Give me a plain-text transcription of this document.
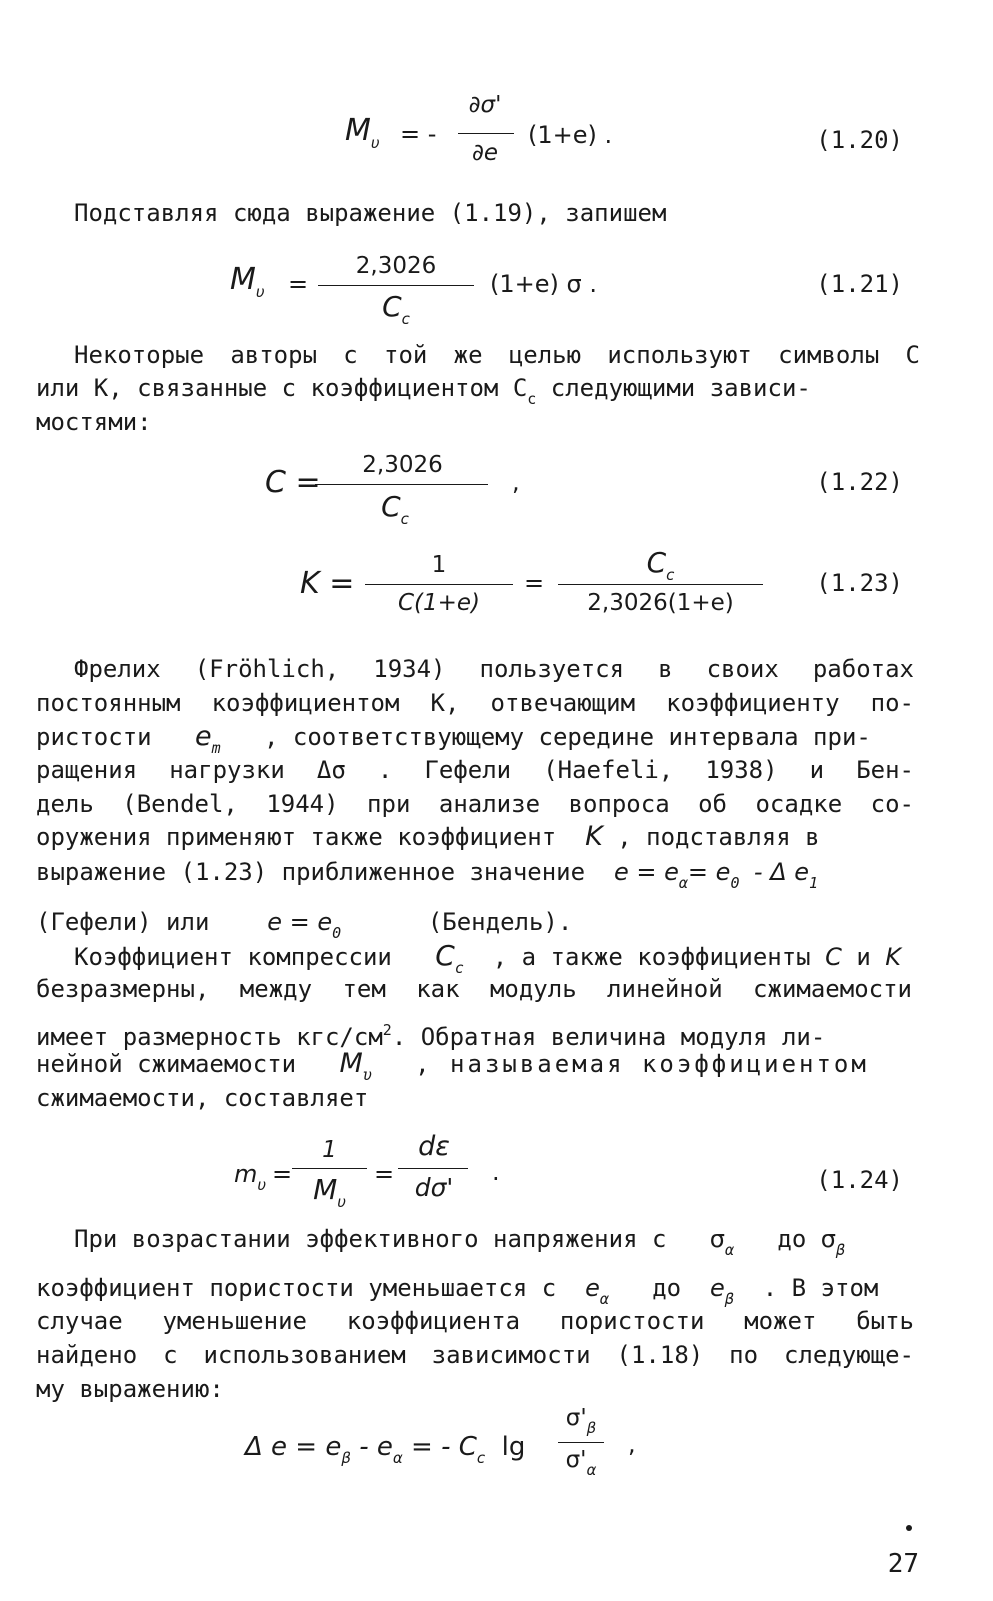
$M_\upsilon$ = -
∂σ'
∂e
(1+e) .	(1.20)
Подставляя сюда выражение (1.19), запишем
$M_\upsilon$ =
2,3026
$C_c$
(1+e) σ .	(1.21)
Некоторые авторы с той же целью используют символы C
или K, связанные с коэффициентом $C_c$ следующими зависи-
мостями:
C =	2,3026
$C_c$
,	(1.22)
K =
1
C(1+e)
=
$C_c$
2,3026(1+e)
(1.23)
Фрелих (Fröhlich, 1934) пользуется в своих работах
постоянным коэффициентом K, отвечающим коэффициенту по-
ристости $e_m$ , соответствующему середине интервала при-
ращения нагрузки Δσ . Гефели (Haefeli, 1938) и Бен-
дель (Bendel, 1944) при анализе вопроса об осадке со-
оружения применяют также коэффициент K , подставляя в
выражение (1.23) приближенное значение $e = e_\alpha= e_0 - \Delta$ $e_1$
(Гефели) или $e = e_0$	(Бендель).
Коэффициент компрессии $C_c$ , а также коэффициенты C и K
безразмерны, между тем как модуль линейной сжимаемости
имеет размерность кгс/$см^2$. Обратная величина модуля ли-
нейной сжимаемости $M_\upsilon$ , называемая коэффициентом
сжимаемости, составляет
$m_\upsilon$ =
1
$M_\upsilon$
=
dε
dσ'
.	(1.24)
При возрастании эффективного напряжения с $\sigma_\alpha$ до $\sigma_\beta$
коэффициент пористости уменьшается с $e_\alpha$ до $e_\beta$ . В этом
случае уменьшение коэффициента пористости может быть
найдено с использованием зависимости (1.18) по следующе-
му выражению:
Δ $e = e_\beta - e_\alpha$ = - $C_c$ lg
$\sigma'_\beta$
$\sigma'_\alpha$
,
27
